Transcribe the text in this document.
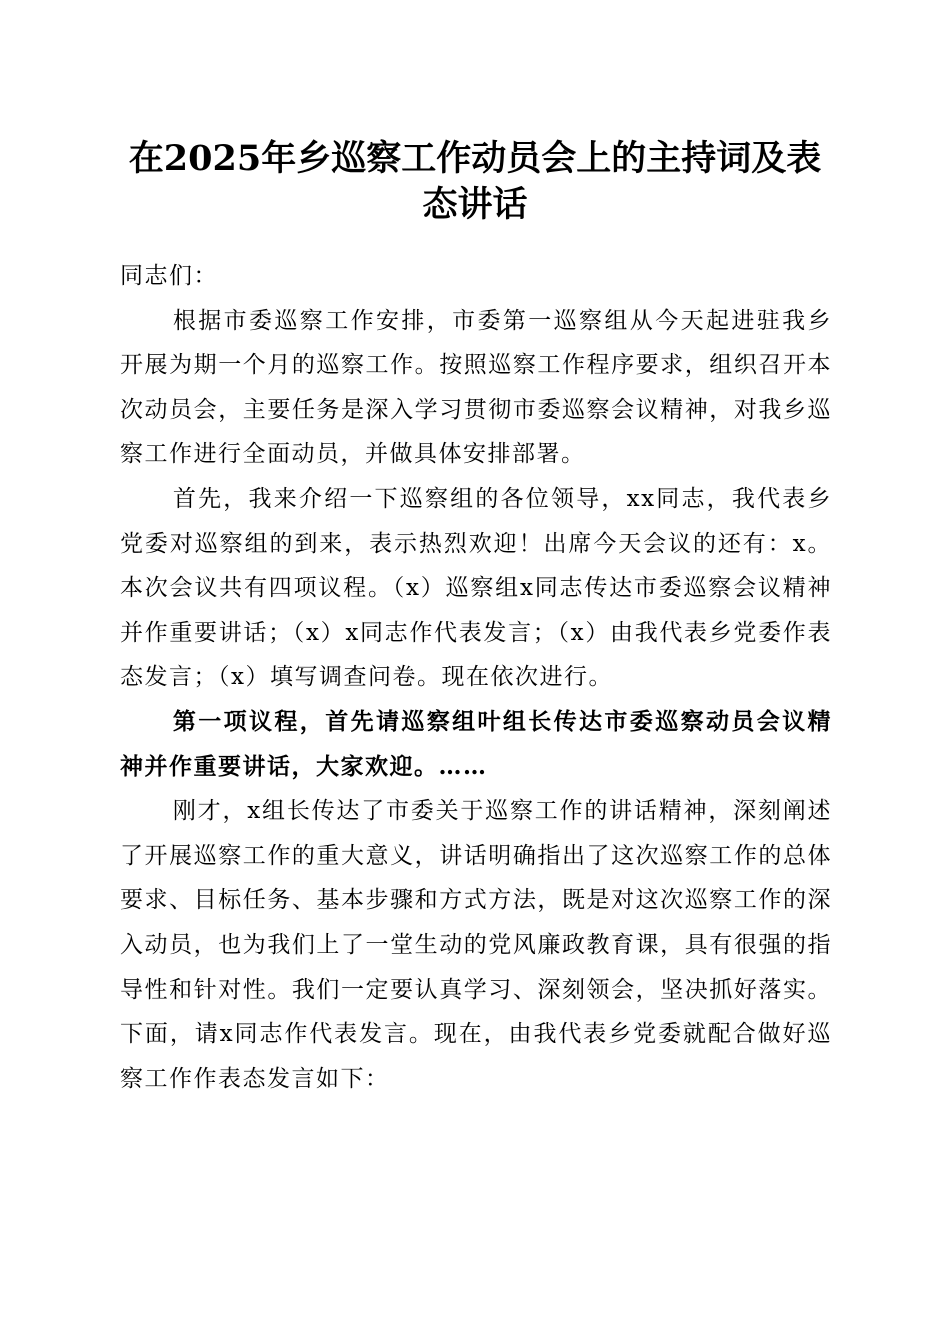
在2025年乡巡察工作动员会上的主持词及表
态讲话

同志们：

根据市委巡察工作安排，市委第一巡察组从今天起进驻我乡开展为期一个月的巡察工作。按照巡察工作程序要求，组织召开本次动员会，主要任务是深入学习贯彻市委巡察会议精神，对我乡巡察工作进行全面动员，并做具体安排部署。

首先，我来介绍一下巡察组的各位领导，xx同志，我代表乡党委对巡察组的到来，表示热烈欢迎！出席今天会议的还有：x。本次会议共有四项议程。（x）巡察组x同志传达市委巡察会议精神并作重要讲话；（x）x同志作代表发言；（x）由我代表乡党委作表态发言；（x）填写调查问卷。现在依次进行。

第一项议程，首先请巡察组叶组长传达市委巡察动员会议精神并作重要讲话，大家欢迎。……

刚才，x组长传达了市委关于巡察工作的讲话精神，深刻阐述了开展巡察工作的重大意义，讲话明确指出了这次巡察工作的总体要求、目标任务、基本步骤和方式方法，既是对这次巡察工作的深入动员，也为我们上了一堂生动的党风廉政教育课，具有很强的指导性和针对性。我们一定要认真学习、深刻领会，坚决抓好落实。下面，请x同志作代表发言。现在，由我代表乡党委就配合做好巡察工作作表态发言如下：
